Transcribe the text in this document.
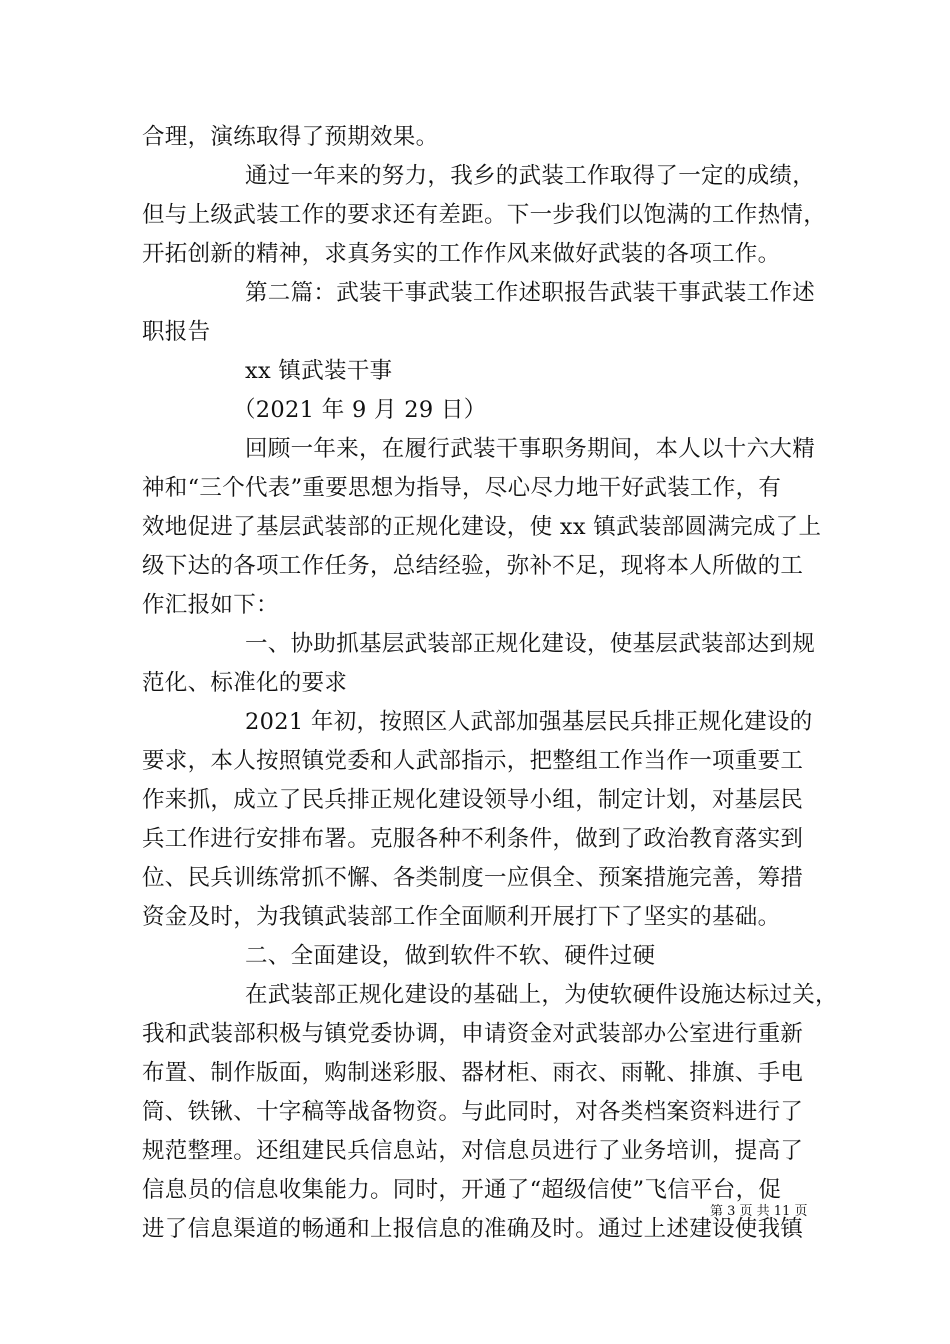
合理，演练取得了预期效果。
通过一年来的努力，我乡的武装工作取得了一定的成绩，
但与上级武装工作的要求还有差距。下一步我们以饱满的工作热情，
开拓创新的精神，求真务实的工作作风来做好武装的各项工作。
第二篇：武装干事武装工作述职报告武装干事武装工作述
职报告
xx 镇武装干事
（2021 年 9 月 29 日）
回顾一年来，在履行武装干事职务期间，本人以十六大精
神和“三个代表”重要思想为指导，尽心尽力地干好武装工作，有
效地促进了基层武装部的正规化建设，使 xx 镇武装部圆满完成了上
级下达的各项工作任务，总结经验，弥补不足，现将本人所做的工
作汇报如下：
一、协助抓基层武装部正规化建设，使基层武装部达到规
范化、标准化的要求
2021 年初，按照区人武部加强基层民兵排正规化建设的
要求，本人按照镇党委和人武部指示，把整组工作当作一项重要工
作来抓，成立了民兵排正规化建设领导小组，制定计划，对基层民
兵工作进行安排布署。克服各种不利条件，做到了政治教育落实到
位、民兵训练常抓不懈、各类制度一应俱全、预案措施完善，筹措
资金及时，为我镇武装部工作全面顺利开展打下了坚实的基础。
二、全面建设，做到软件不软、硬件过硬
在武装部正规化建设的基础上，为使软硬件设施达标过关，
我和武装部积极与镇党委协调，申请资金对武装部办公室进行重新
布置、制作版面，购制迷彩服、器材柜、雨衣、雨靴、排旗、手电
筒、铁锹、十字稿等战备物资。与此同时，对各类档案资料进行了
规范整理。还组建民兵信息站，对信息员进行了业务培训，提高了
信息员的信息收集能力。同时，开通了“超级信使”飞信平台，促
进了信息渠道的畅通和上报信息的准确及时。通过上述建设使我镇
第 3 页 共 11 页
